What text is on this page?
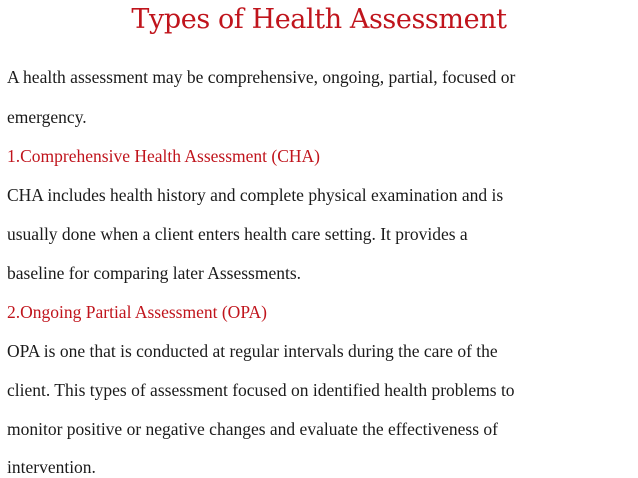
Types of Health Assessment
A health assessment may be comprehensive, ongoing, partial, focused or
emergency.
1.Comprehensive Health Assessment (CHA)
CHA includes health history and complete physical examination and is
usually done when a client enters health care setting. It provides a
baseline for comparing later Assessments.
2.Ongoing Partial Assessment (OPA)
OPA is one that is conducted at regular intervals during the care of the
client. This types of assessment focused on identified health problems to
monitor positive or negative changes and evaluate the effectiveness of
intervention.
